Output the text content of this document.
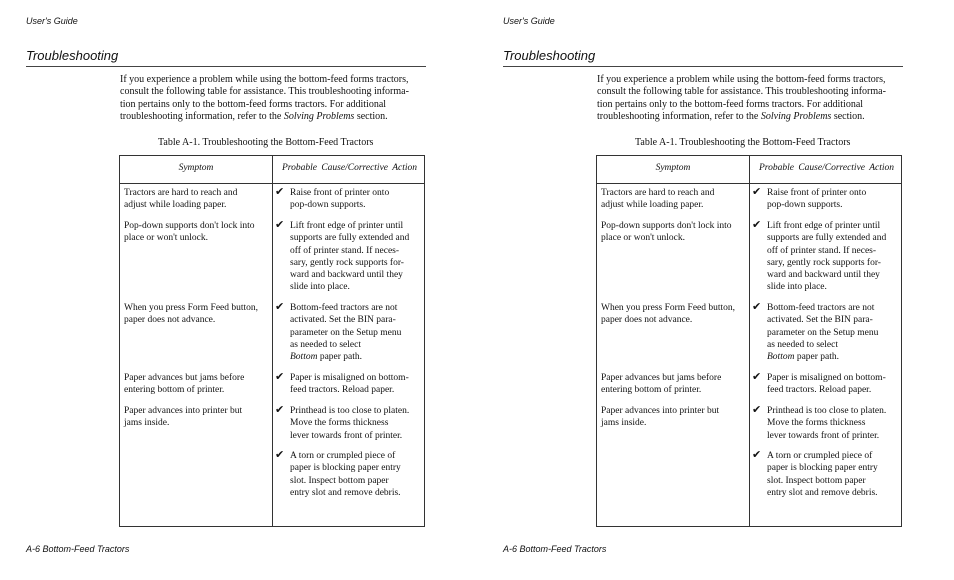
User's Guide
Troubleshooting
If you experience a problem while using the bottom-feed forms tractors,
consult the following table for assistance. This troubleshooting informa-
tion pertains only to the bottom-feed forms tractors. For additional
troubleshooting information, refer to the Solving Problems section.
Table A-1. Troubleshooting the Bottom-Feed Tractors
Symptom	Probable Cause/Corrective Action
Tractors are hard to reach and
adjust while loading paper.
Pop-down supports don't lock into
place or won't unlock.
When you press Form Feed button,
paper does not advance.
Paper advances but jams before
entering bottom of printer.
Paper advances into printer but
jams inside.
✔ Raise front of printer onto
pop-down supports.
✔ Lift front edge of printer until
supports are fully extended and
off of printer stand. If neces-
sary, gently rock supports for-
ward and backward until they
slide into place.
✔ Bottom-feed tractors are not
activated. Set the BIN para-
parameter on the Setup menu
as needed to select
Bottom paper path.
✔ Paper is misaligned on bottom-
feed tractors. Reload paper.
✔ Printhead is too close to platen.
Move the forms thickness
lever towards front of printer.
✔ A torn or crumpled piece of
paper is blocking paper entry
slot. Inspect bottom paper
entry slot and remove debris.
A-6 Bottom-Feed Tractors
User's Guide
Troubleshooting
If you experience a problem while using the bottom-feed forms tractors,
consult the following table for assistance. This troubleshooting informa-
tion pertains only to the bottom-feed forms tractors. For additional
troubleshooting information, refer to the Solving Problems section.
Table A-1. Troubleshooting the Bottom-Feed Tractors
Symptom	Probable Cause/Corrective Action
Tractors are hard to reach and
adjust while loading paper.
Pop-down supports don't lock into
place or won't unlock.
When you press Form Feed button,
paper does not advance.
Paper advances but jams before
entering bottom of printer.
Paper advances into printer but
jams inside.
✔ Raise front of printer onto
pop-down supports.
✔ Lift front edge of printer until
supports are fully extended and
off of printer stand. If neces-
sary, gently rock supports for-
ward and backward until they
slide into place.
✔ Bottom-feed tractors are not
activated. Set the BIN para-
parameter on the Setup menu
as needed to select
Bottom paper path.
✔ Paper is misaligned on bottom-
feed tractors. Reload paper.
✔ Printhead is too close to platen.
Move the forms thickness
lever towards front of printer.
✔ A torn or crumpled piece of
paper is blocking paper entry
slot. Inspect bottom paper
entry slot and remove debris.
A-6 Bottom-Feed Tractors
